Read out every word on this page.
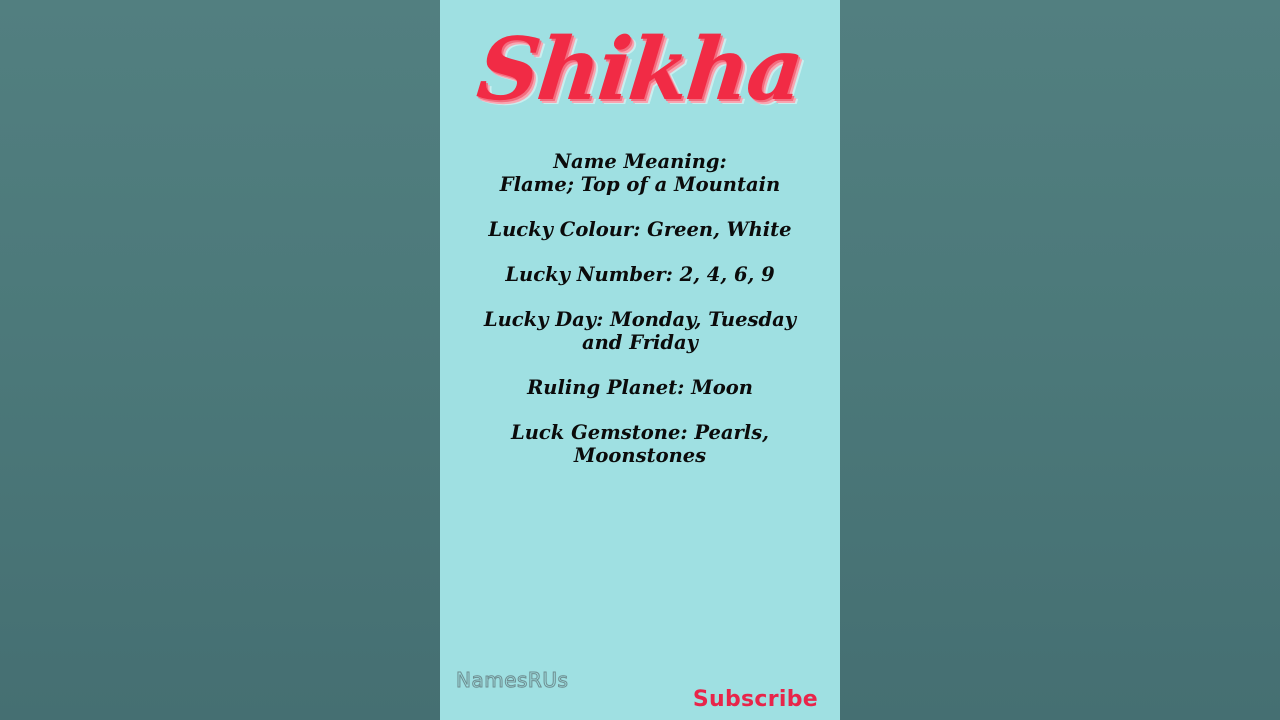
Shikha

Name Meaning:

Flame; Top of a Mountain

Lucky Colour: Green, White

Lucky Number: 2, 4, 6, 9

Lucky Day: Monday, Tuesday

and Friday

Ruling Planet: Moon

Luck Gemstone: Pearls,

Moonstones

NamesRUs
Subscribe
